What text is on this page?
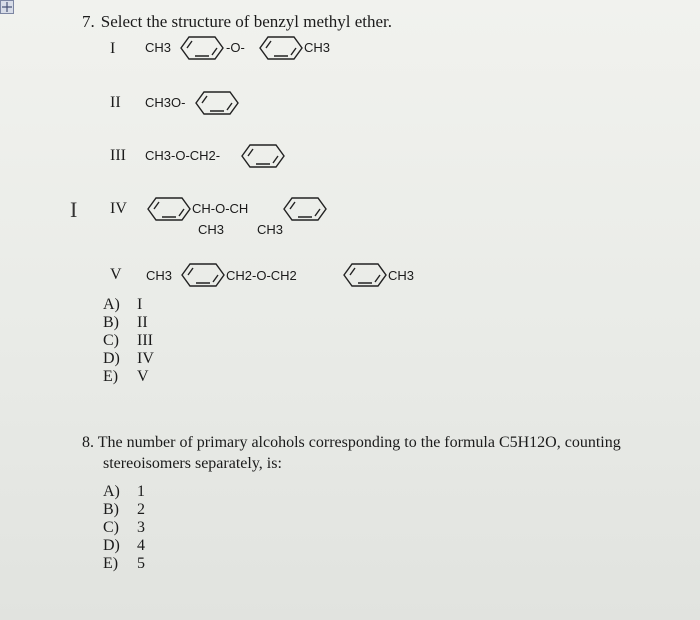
7. Select the structure of benzyl methyl ether.
I CH3	-O-	CH3
II CH3O-
III CH3-O-CH2-
I IV	CH-O-CH
CH3	CH3
V CH3	CH2-O-CH2	CH3
A) I
B) II
C) III
D) IV
E) V
8. The number of primary alcohols corresponding to the formula C5H12O, counting
stereoisomers separately, is:
A) 1
B) 2
C) 3
D) 4
E) 5
